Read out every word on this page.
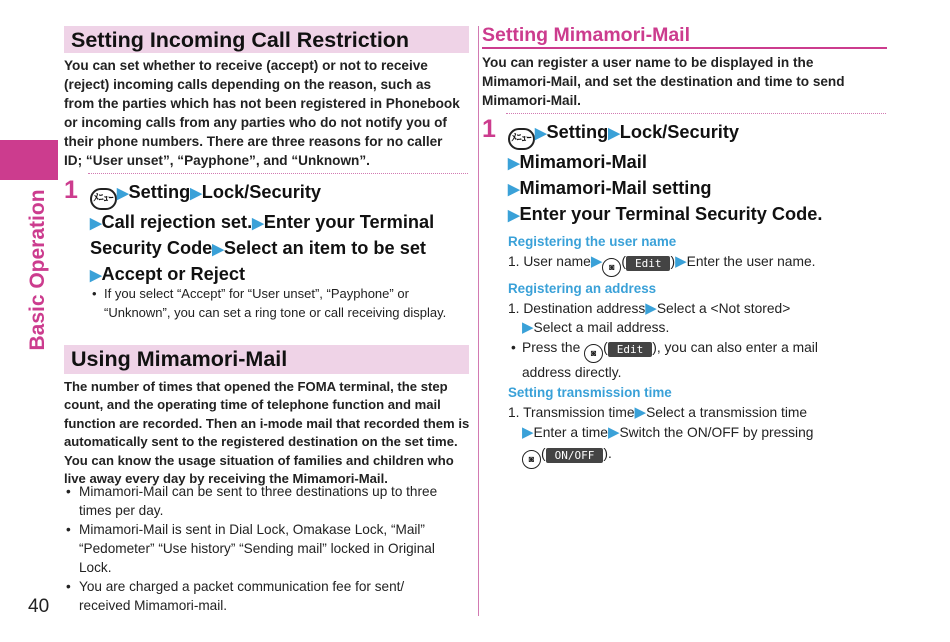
Basic Operation
40
Setting Incoming Call Restriction
You can set whether to receive (accept) or not to receive
(reject) incoming calls depending on the reason, such as
from the parties which has not been registered in Phonebook
or incoming calls from any parties who do not notify you of
their phone numbers. There are three reasons for no caller
ID; “User unset”, “Payphone”, and “Unknown”.
1	ﾒﾆｭｰ ▶Setting▶Lock/Security
▶Call rejection set.▶Enter your Terminal
Security Code▶Select an item to be set
▶Accept or Reject
• If you select “Accept” for “User unset”, “Payphone” or
“Unknown”, you can set a ring tone or call receiving display.
Using Mimamori-Mail
The number of times that opened the FOMA terminal, the step
count, and the operating time of telephone function and mail
function are recorded. Then an i-mode mail that recorded them is
automatically sent to the registered destination on the set time.
You can know the usage situation of families and children who
live away every day by receiving the Mimamori-Mail.
• Mimamori-Mail can be sent to three destinations up to three
times per day.
• Mimamori-Mail is sent in Dial Lock, Omakase Lock, “Mail”
“Pedometer” “Use history” “Sending mail” locked in Original
Lock.
• You are charged a packet communication fee for sent/
received Mimamori-mail.
Setting Mimamori-Mail
You can register a user name to be displayed in the
Mimamori-Mail, and set the destination and time to send
Mimamori-Mail.
1	ﾒﾆｭｰ ▶Setting▶Lock/Security
▶Mimamori-Mail
▶Mimamori-Mail setting
▶Enter your Terminal Security Code.
Registering the user name
1. User name▶ ◙ ( Edit )▶Enter the user name.
Registering an address
1. Destination address▶Select a <Not stored>
▶Select a mail address.
• Press the ◙ ( Edit ), you can also enter a mail
address directly.
Setting transmission time
1. Transmission time▶Select a transmission time
▶Enter a time▶Switch the ON/OFF by pressing
◙ ( ON/OFF ).
